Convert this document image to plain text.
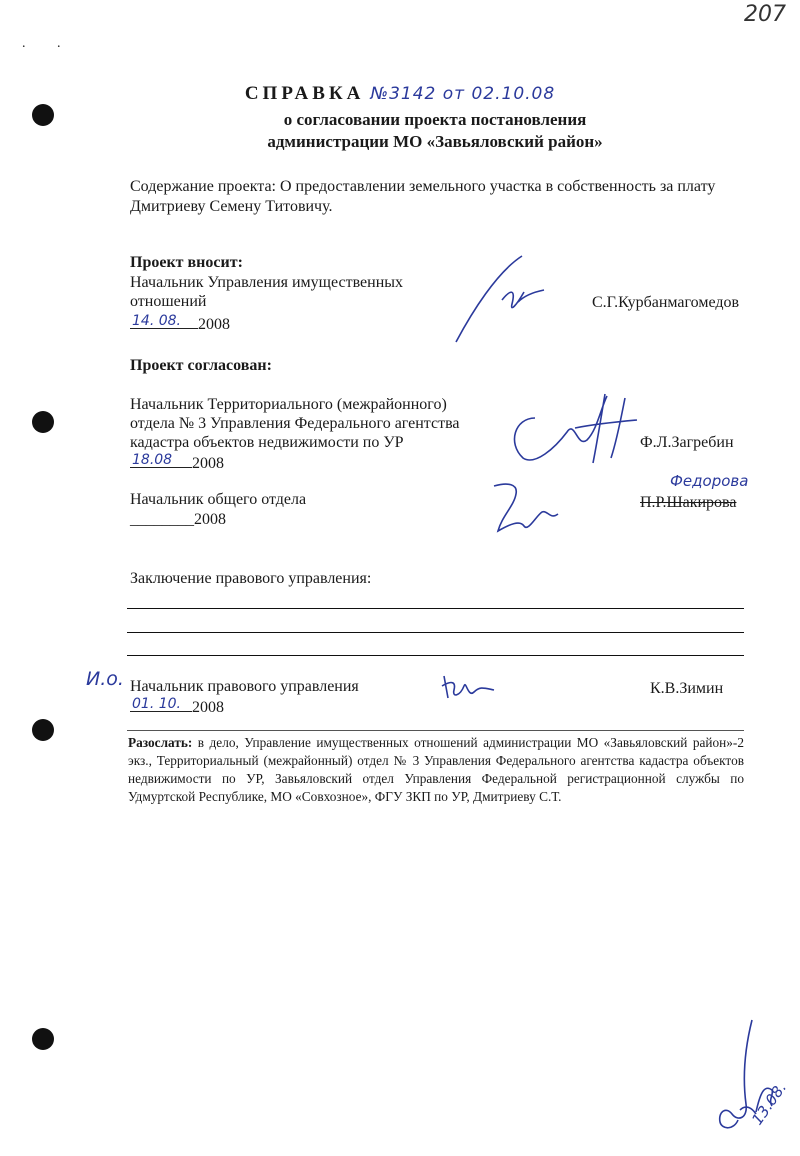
. .
207
СПРАВКА №3142 от 02.10.08
о согласовании проекта постановления
администрации МО «Завьяловский район»
Содержание проекта: О предоставлении земельного участка в собственность за плату
Дмитриеву Семену Титовичу.
Проект вносит:
Начальник Управления имущественных
отношений
14. 08. 2008
С.Г.Курбанмагомедов
Проект согласован:
Начальник Территориального (межрайонного)
отдела № 3 Управления Федерального агентства
кадастра объектов недвижимости по УР
18.08 2008
Ф.Л.Загребин
Начальник общего отдела
________2008
П.Р.Шакирова
Федорова
Заключение правового управления:
И.о. Начальник правового управления
01. 10. 2008
К.В.Зимин
Разослать: в дело, Управление имущественных отношений администрации МО «Завьяловский район»-2 экз., Территориальный (межрайонный) отдел № 3 Управления Федерального агентства кадастра объектов недвижимости по УР, Завьяловский отдел Управления Федеральной регистрационной службы по Удмуртской Республике, МО «Совхозное», ФГУ ЗКП по УР, Дмитриеву С.Т.
13.08.
